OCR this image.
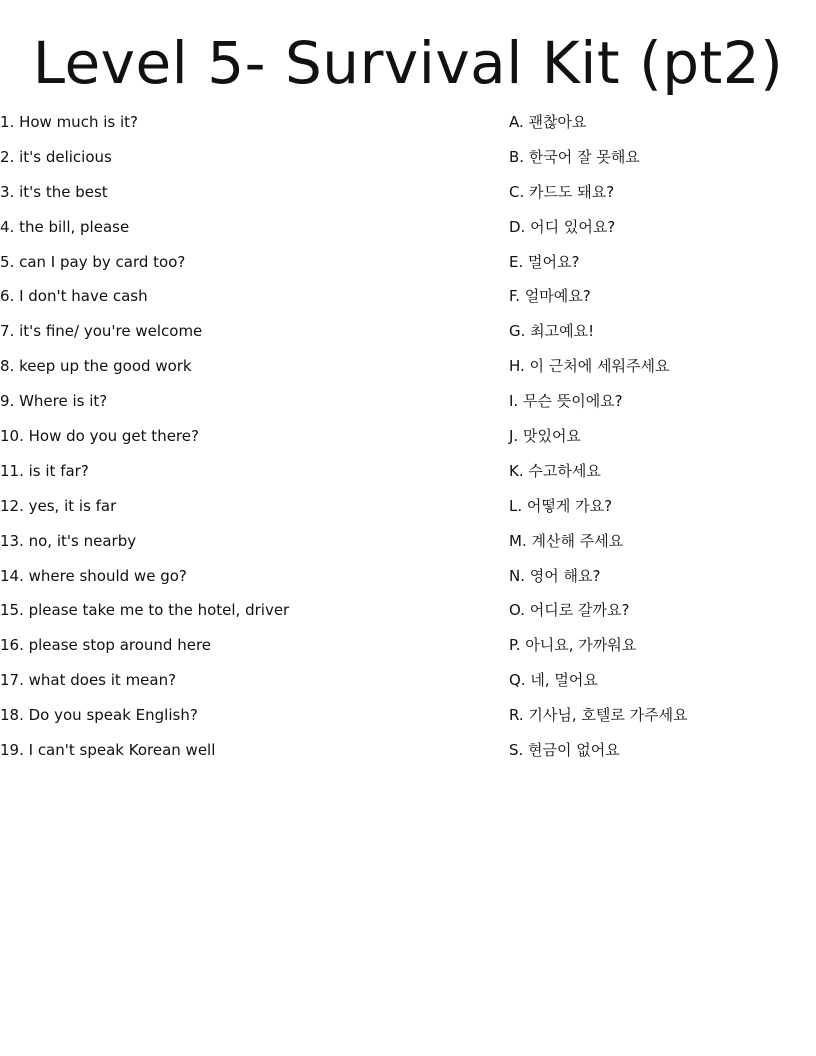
Level 5- Survival Kit (pt2)
1. How much is it?
2. it's delicious
3. it's the best
4. the bill, please
5. can I pay by card too?
6. I don't have cash
7. it's fine/ you're welcome
8. keep up the good work
9. Where is it?
10. How do you get there?
11. is it far?
12. yes, it is far
13. no, it's nearby
14. where should we go?
15. please take me to the hotel, driver
16. please stop around here
17. what does it mean?
18. Do you speak English?
19. I can't speak Korean well
A. 괜찮아요
B. 한국어 잘 못해요
C. 카드도 돼요?
D. 어디 있어요?
E. 멀어요?
F. 얼마예요?
G. 최고예요!
H. 이 근처에 세워주세요
I. 무슨 뜻이에요?
J. 맛있어요
K. 수고하세요
L. 어떻게 가요?
M. 계산해 주세요
N. 영어 해요?
O. 어디로 갈까요?
P. 아니요, 가까워요
Q. 네, 멀어요
R. 기사님, 호텔로 가주세요
S. 현금이 없어요
